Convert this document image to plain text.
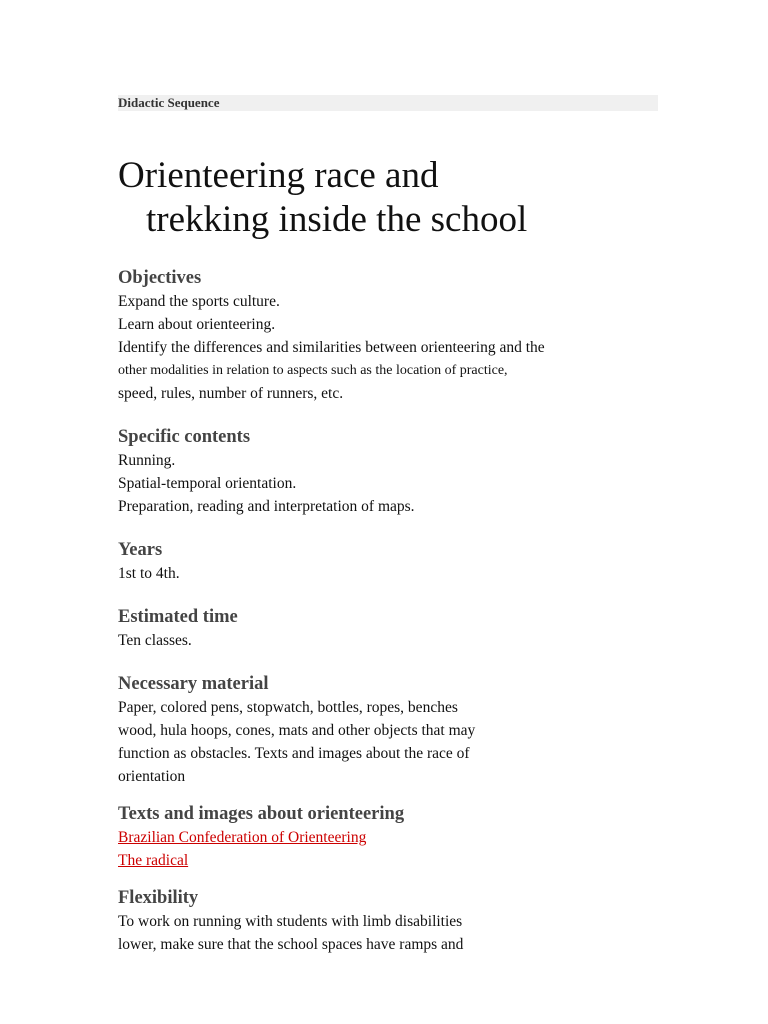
Didactic Sequence
Orienteering race and
trekking inside the school
Objectives
Expand the sports culture.
Learn about orienteering.
Identify the differences and similarities between orienteering and the
other modalities in relation to aspects such as the location of practice,
speed, rules, number of runners, etc.
Specific contents
Running.
Spatial-temporal orientation.
Preparation, reading and interpretation of maps.
Years
1st to 4th.
Estimated time
Ten classes.
Necessary material
Paper, colored pens, stopwatch, bottles, ropes, benches
wood, hula hoops, cones, mats and other objects that may
function as obstacles. Texts and images about the race of
orientation
Texts and images about orienteering
Brazilian Confederation of Orienteering
The radical
Flexibility
To work on running with students with limb disabilities
lower, make sure that the school spaces have ramps and
